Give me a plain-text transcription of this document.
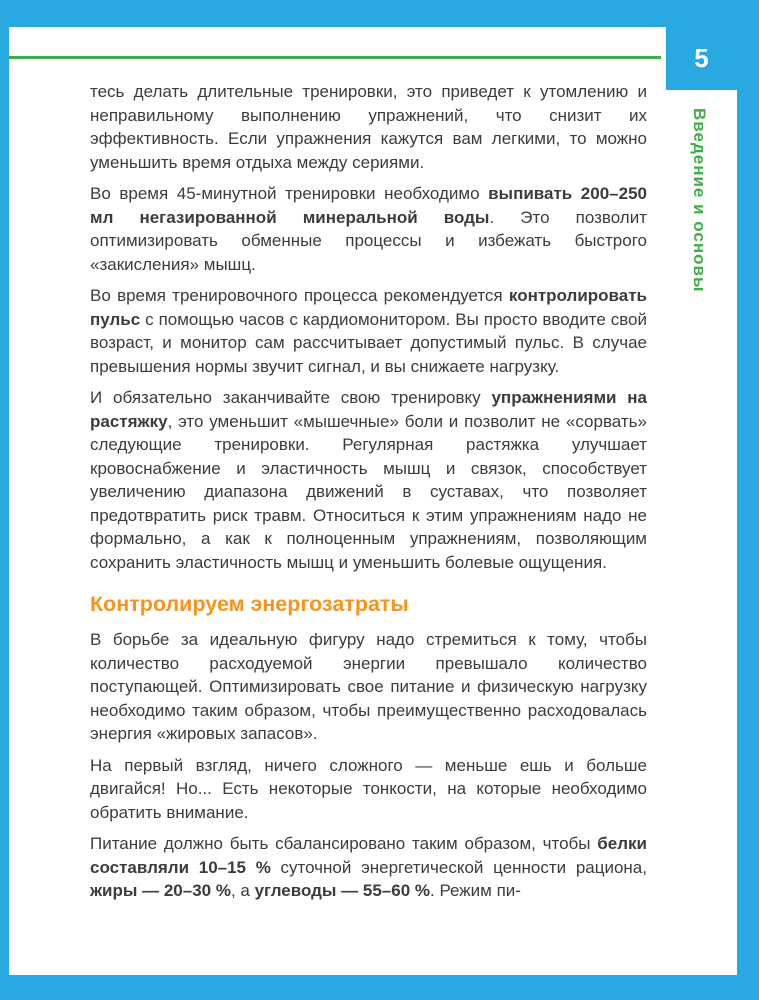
5
Введение и основы

тесь делать длительные тренировки, это приведет к утомлению и неправильному выполнению упражнений, что снизит их эффективность. Если упражнения кажутся вам легкими, то можно уменьшить время отдыха между сериями.

Во время 45-минутной тренировки необходимо выпивать 200–250 мл негазированной минеральной воды. Это позволит оптимизировать обменные процессы и избежать быстрого «закисления» мышц.

Во время тренировочного процесса рекомендуется контролировать пульс с помощью часов с кардиомонитором. Вы просто вводите свой возраст, и монитор сам рассчитывает допустимый пульс. В случае превышения нормы звучит сигнал, и вы снижаете нагрузку.

И обязательно заканчивайте свою тренировку упражнениями на растяжку, это уменьшит «мышечные» боли и позволит не «сорвать» следующие тренировки. Регулярная растяжка улучшает кровоснабжение и эластичность мышц и связок, способствует увеличению диапазона движений в суставах, что позволяет предотвратить риск травм. Относиться к этим упражнениям надо не формально, а как к полноценным упражнениям, позволяющим сохранить эластичность мышц и уменьшить болевые ощущения.

Контролируем энергозатраты

В борьбе за идеальную фигуру надо стремиться к тому, чтобы количество расходуемой энергии превышало количество поступающей. Оптимизировать свое питание и физическую нагрузку необходимо таким образом, чтобы преимущественно расходовалась энергия «жировых запасов».

На первый взгляд, ничего сложного — меньше ешь и больше двигайся! Но... Есть некоторые тонкости, на которые необходимо обратить внимание.

Питание должно быть сбалансировано таким образом, чтобы белки составляли 10–15 % суточной энергетической ценности рациона, жиры — 20–30 %, а углеводы — 55–60 %. Режим пи-
